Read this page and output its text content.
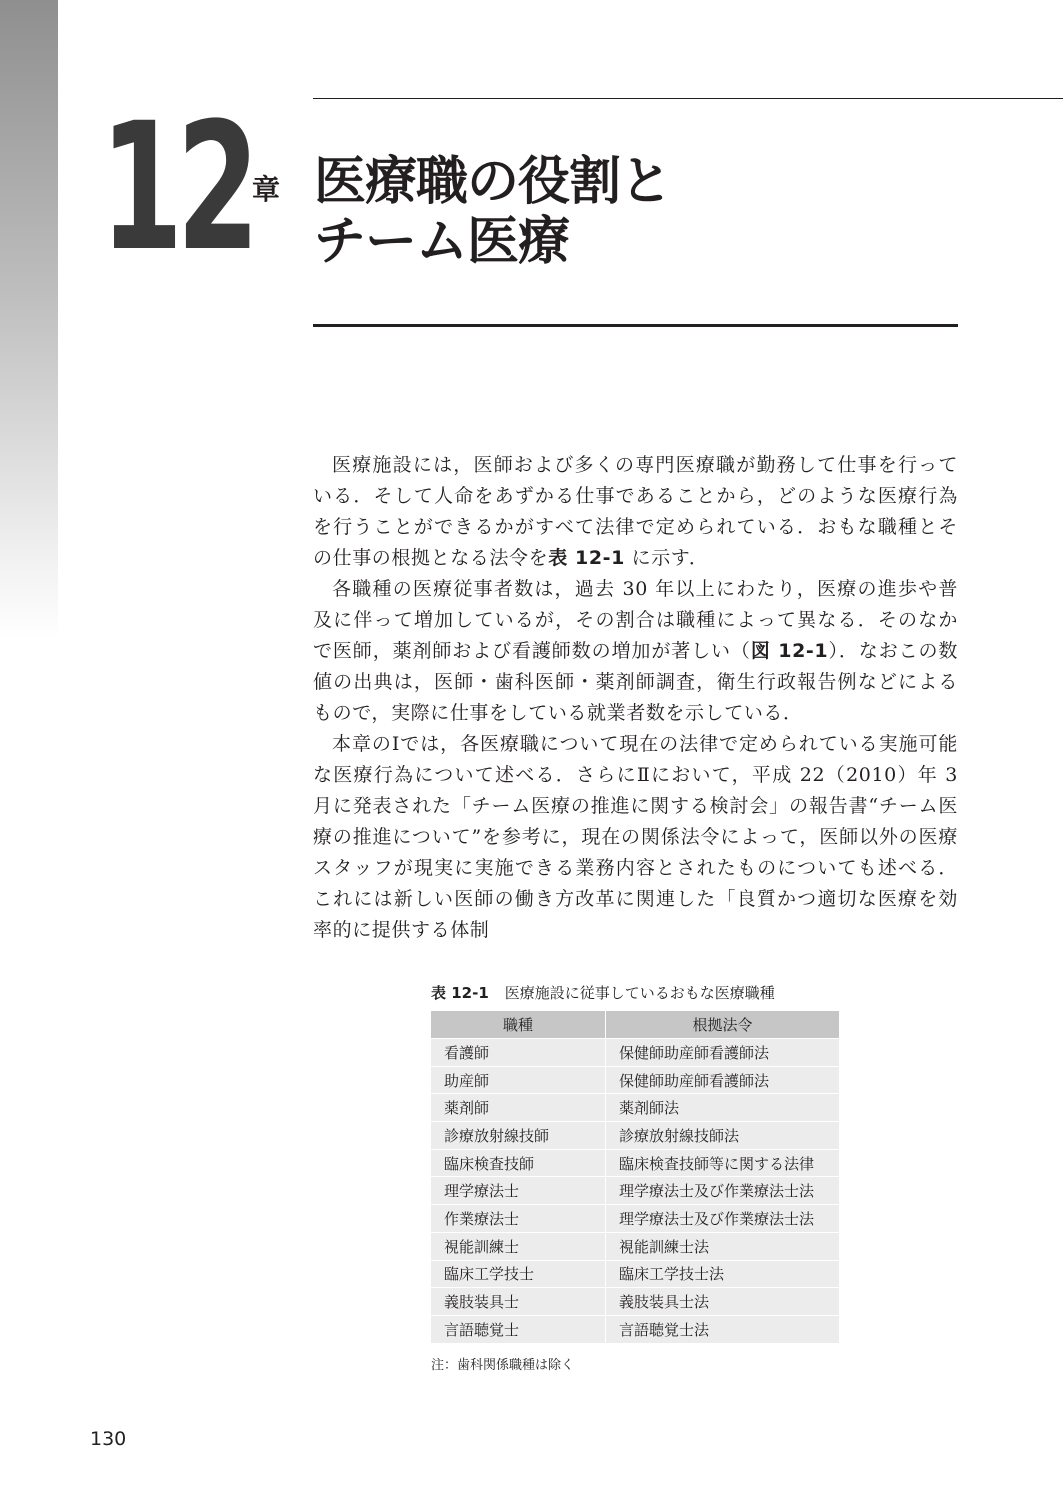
12 章 医療職の役割と
チーム医療

医療施設には，医師および多くの専門医療職が勤務して仕事を行っている．そして人命をあずかる仕事であることから，どのような医療行為を行うことができるかがすべて法律で定められている．おもな職種とその仕事の根拠となる法令を表 12-1 に示す．

各職種の医療従事者数は，過去 30 年以上にわたり，医療の進歩や普及に伴って増加しているが，その割合は職種によって異なる．そのなかで医師，薬剤師および看護師数の増加が著しい（図 12-1）．なおこの数値の出典は，医師・歯科医師・薬剤師調査，衛生行政報告例などによるもので，実際に仕事をしている就業者数を示している．

本章のⅠでは，各医療職について現在の法律で定められている実施可能な医療行為について述べる．さらにⅡにおいて，平成 22（2010）年 3 月に発表された「チーム医療の推進に関する検討会」の報告書“チーム医療の推進について”を参考に，現在の関係法令によって，医師以外の医療スタッフが現実に実施できる業務内容とされたものについても述べる．これには新しい医師の働き方改革に関連した「良質かつ適切な医療を効率的に提供する体制

表 12-1 医療施設に従事しているおもな医療職種
職種	根拠法令
看護師	保健師助産師看護師法
助産師	保健師助産師看護師法
薬剤師	薬剤師法
診療放射線技師	診療放射線技師法
臨床検査技師	臨床検査技師等に関する法律
理学療法士	理学療法士及び作業療法士法
作業療法士	理学療法士及び作業療法士法
視能訓練士	視能訓練士法
臨床工学技士	臨床工学技士法
義肢装具士	義肢装具士法
言語聴覚士	言語聴覚士法
注：歯科関係職種は除く
130
